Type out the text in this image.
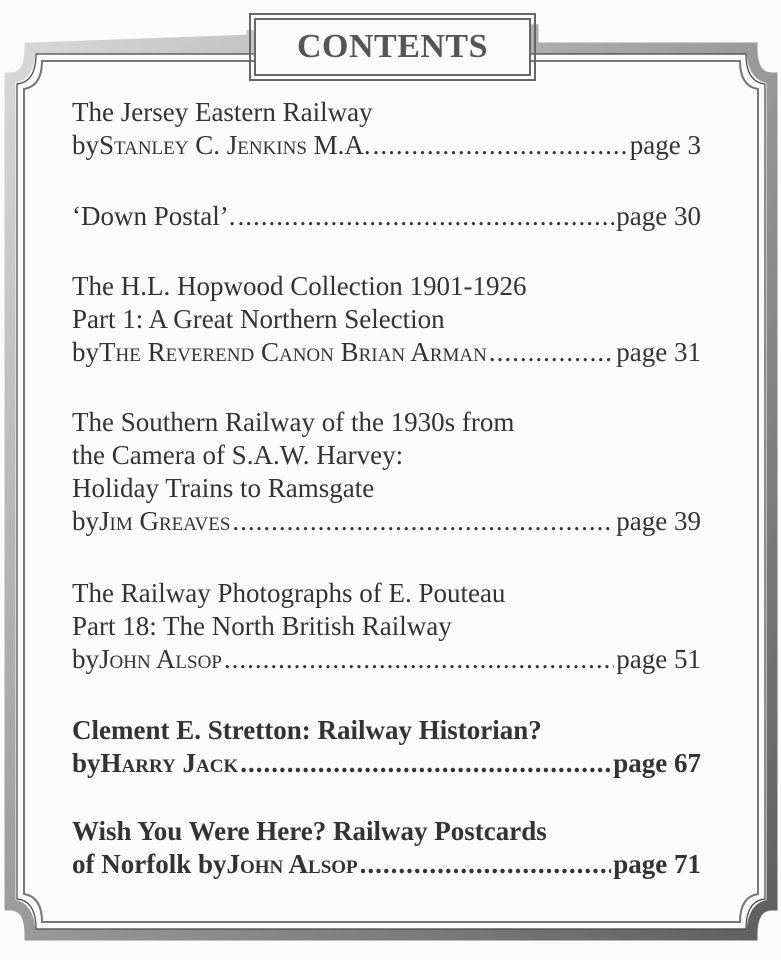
CONTENTS
The Jersey Eastern Railway
by Stanley C. Jenkins M.A. .....	page 3
‘Down Postal’. .....	page 30
The H.L. Hopwood Collection 1901-1926
Part 1: A Great Northern Selection
by The Reverend Canon Brian Arman .....	page 31
The Southern Railway of the 1930s from
the Camera of S.A.W. Harvey:
Holiday Trains to Ramsgate
by Jim Greaves .....	page 39
The Railway Photographs of E. Pouteau
Part 18: The North British Railway
by John Alsop .....	page 51
Clement E. Stretton: Railway Historian?
by Harry Jack .....	page 67
Wish You Were Here? Railway Postcards
of Norfolk by John Alsop .....	page 71
